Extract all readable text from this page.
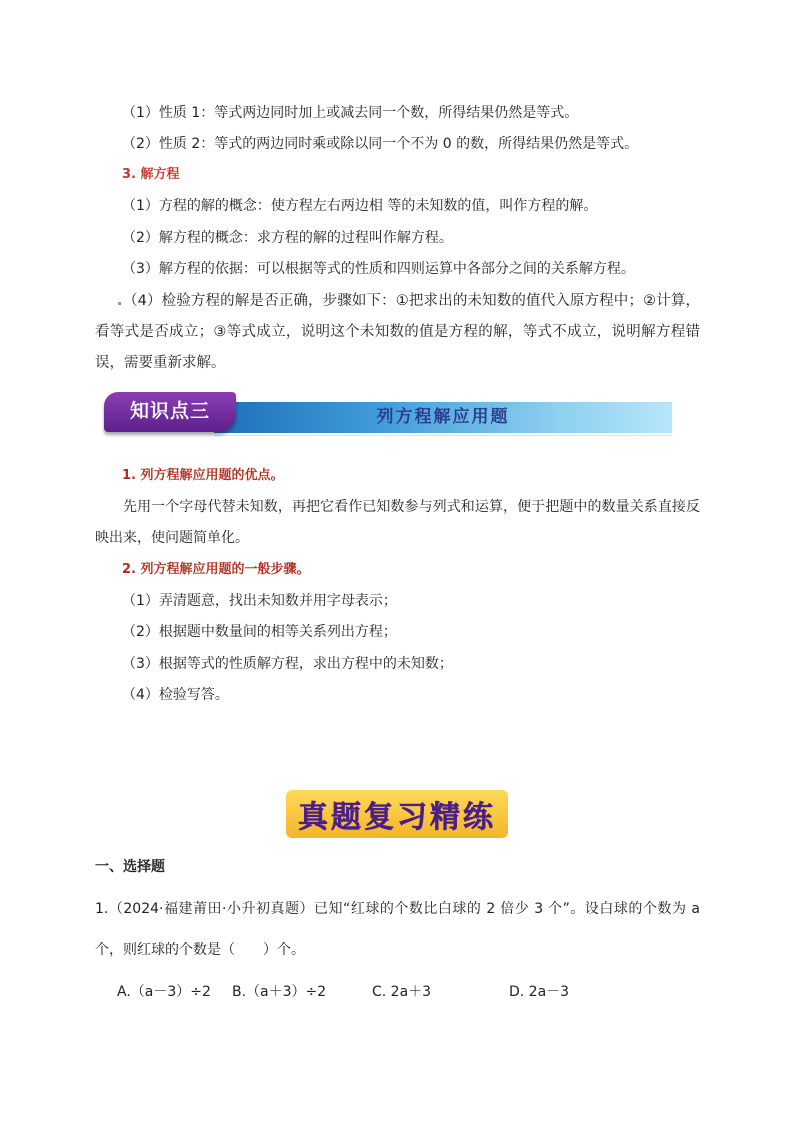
（1）性质 1：等式两边同时加上或减去同一个数，所得结果仍然是等式。
（2）性质 2：等式的两边同时乘或除以同一个不为 0 的数，所得结果仍然是等式。
3. 解方程
（1）方程的解的概念：使方程左右两边相 等的未知数的值，叫作方程的解。
（2）解方程的概念：求方程的解的过程叫作解方程。
（3）解方程的依据：可以根据等式的性质和四则运算中各部分之间的关系解方程。
（4）检验方程的解是否正确，步骤如下：①把求出的未知数的值代入原方程中；②计算，看等式是否成立；③等式成立，说明这个未知数的值是方程的解，等式不成立，说明解方程错误，需要重新求解。
列方程解应用题
知识点三
1. 列方程解应用题的优点。
先用一个字母代替未知数，再把它看作已知数参与列式和运算，便于把题中的数量关系直接反映出来，使问题简单化。
2. 列方程解应用题的一般步骤。
（1）弄清题意，找出未知数并用字母表示；
（2）根据题中数量间的相等关系列出方程；
（3）根据等式的性质解方程，求出方程中的未知数；
（4）检验写答。
真题复习精练
一、选择题
1.（2024·福建莆田·小升初真题）已知“红球的个数比白球的 2 倍少 3 个”。设白球的个数为 a 个，则红球的个数是（　　）个。
A.（a－3）÷2 B.（a＋3）÷2	C. 2a＋3	D. 2a－3
